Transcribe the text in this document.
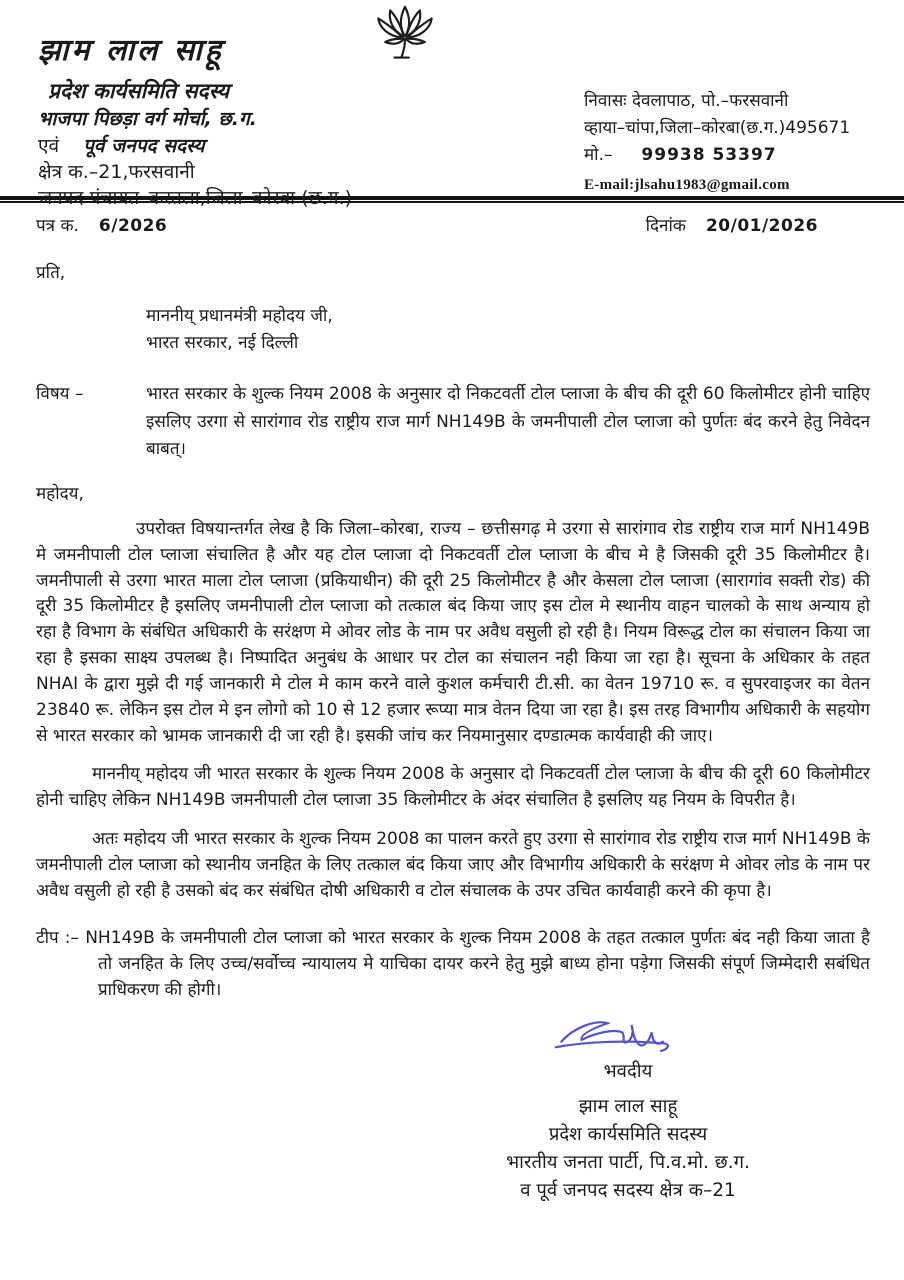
झाम लाल साहू
प्रदेश कार्यसमिति सदस्य
भाजपा पिछड़ा वर्ग मोर्चा, छ.ग.
एवं पूर्व जनपद सदस्य
क्षेत्र क.–21,फरसवानी
जनपद पंचायत–करतला,जिला–कोरबा (छ.ग.)
निवासः देवलापाठ, पो.–फरसवानी
व्हाया–चांपा,जिला–कोरबा(छ.ग.)495671
मो.– 99938 53397
E-mail:jlsahu1983@gmail.com
पत्र क. 6/2026	दिनांक 20/01/2026
प्रति,
माननीय् प्रधानमंत्री महोदय जी,
भारत सरकार, नई दिल्ली
विषय –	भारत सरकार के शुल्क नियम 2008 के अनुसार दो निकटवर्ती टोल प्लाजा के बीच की दूरी 60 किलोमीटर होनी चाहिए इसलिए उरगा से सारांगाव रोड राष्ट्रीय राज मार्ग NH149B के जमनीपाली टोल प्लाजा को पुर्णतः बंद करने हेतु निवेदन बाबत्।
महोदय,
उपरोक्त विषयान्तर्गत लेख है कि जिला–कोरबा, राज्य – छत्तीसगढ़ मे उरगा से सारांगाव रोड राष्ट्रीय राज मार्ग NH149B मे जमनीपाली टोल प्लाजा संचालित है और यह टोल प्लाजा दो निकटवर्ती टोल प्लाजा के बीच मे है जिसकी दूरी 35 किलोमीटर है। जमनीपाली से उरगा भारत माला टोल प्लाजा (प्रकियाधीन) की दूरी 25 किलोमीटर है और केसला टोल प्लाजा (सारागांव सक्ती रोड) की दूरी 35 किलोमीटर है इसलिए जमनीपाली टोल प्लाजा को तत्काल बंद किया जाए इस टोल मे स्थानीय वाहन चालको के साथ अन्याय हो रहा है विभाग के संबंधित अधिकारी के सरंक्षण मे ओवर लोड के नाम पर अवैध वसुली हो रही है। नियम विरूद्ध टोल का संचालन किया जा रहा है इसका साक्ष्य उपलब्ध है। निष्पादित अनुबंध के आधार पर टोल का संचालन नही किया जा रहा है। सूचना के अधिकार के तहत NHAI के द्वारा मुझे दी गई जानकारी मे टोल मे काम करने वाले कुशल कर्मचारी टी.सी. का वेतन 19710 रू. व सुपरवाइजर का वेतन 23840 रू. लेकिन इस टोल मे इन लोगो को 10 से 12 हजार रूप्या मात्र वेतन दिया जा रहा है। इस तरह विभागीय अधिकारी के सहयोग से भारत सरकार को भ्रामक जानकारी दी जा रही है। इसकी जांच कर नियमानुसार दण्डात्मक कार्यवाही की जाए।
माननीय् महोदय जी भारत सरकार के शुल्क नियम 2008 के अनुसार दो निकटवर्ती टोल प्लाजा के बीच की दूरी 60 किलोमीटर होनी चाहिए लेकिन NH149B जमनीपाली टोल प्लाजा 35 किलोमीटर के अंदर संचालित है इसलिए यह नियम के विपरीत है।
अतः महोदय जी भारत सरकार के शुल्क नियम 2008 का पालन करते हुए उरगा से सारांगाव रोड राष्ट्रीय राज मार्ग NH149B के जमनीपाली टोल प्लाजा को स्थानीय जनहित के लिए तत्काल बंद किया जाए और विभागीय अधिकारी के सरंक्षण मे ओवर लोड के नाम पर अवैध वसुली हो रही है उसको बंद कर संबंधित दोषी अधिकारी व टोल संचालक के उपर उचित कार्यवाही करने की कृपा है।
टीप :– NH149B के जमनीपाली टोल प्लाजा को भारत सरकार के शुल्क नियम 2008 के तहत तत्काल पुर्णतः बंद नही किया जाता है तो जनहित के लिए उच्च/सर्वोच्च न्यायालय मे याचिका दायर करने हेतु मुझे बाध्य होना पड़ेगा जिसकी संपूर्ण जिम्मेदारी सबंधित प्राधिकरण की होगी।
भवदीय
झाम लाल साहू
प्रदेश कार्यसमिति सदस्य
भारतीय जनता पार्टी, पि.व.मो. छ.ग.
व पूर्व जनपद सदस्य क्षेत्र क–21
